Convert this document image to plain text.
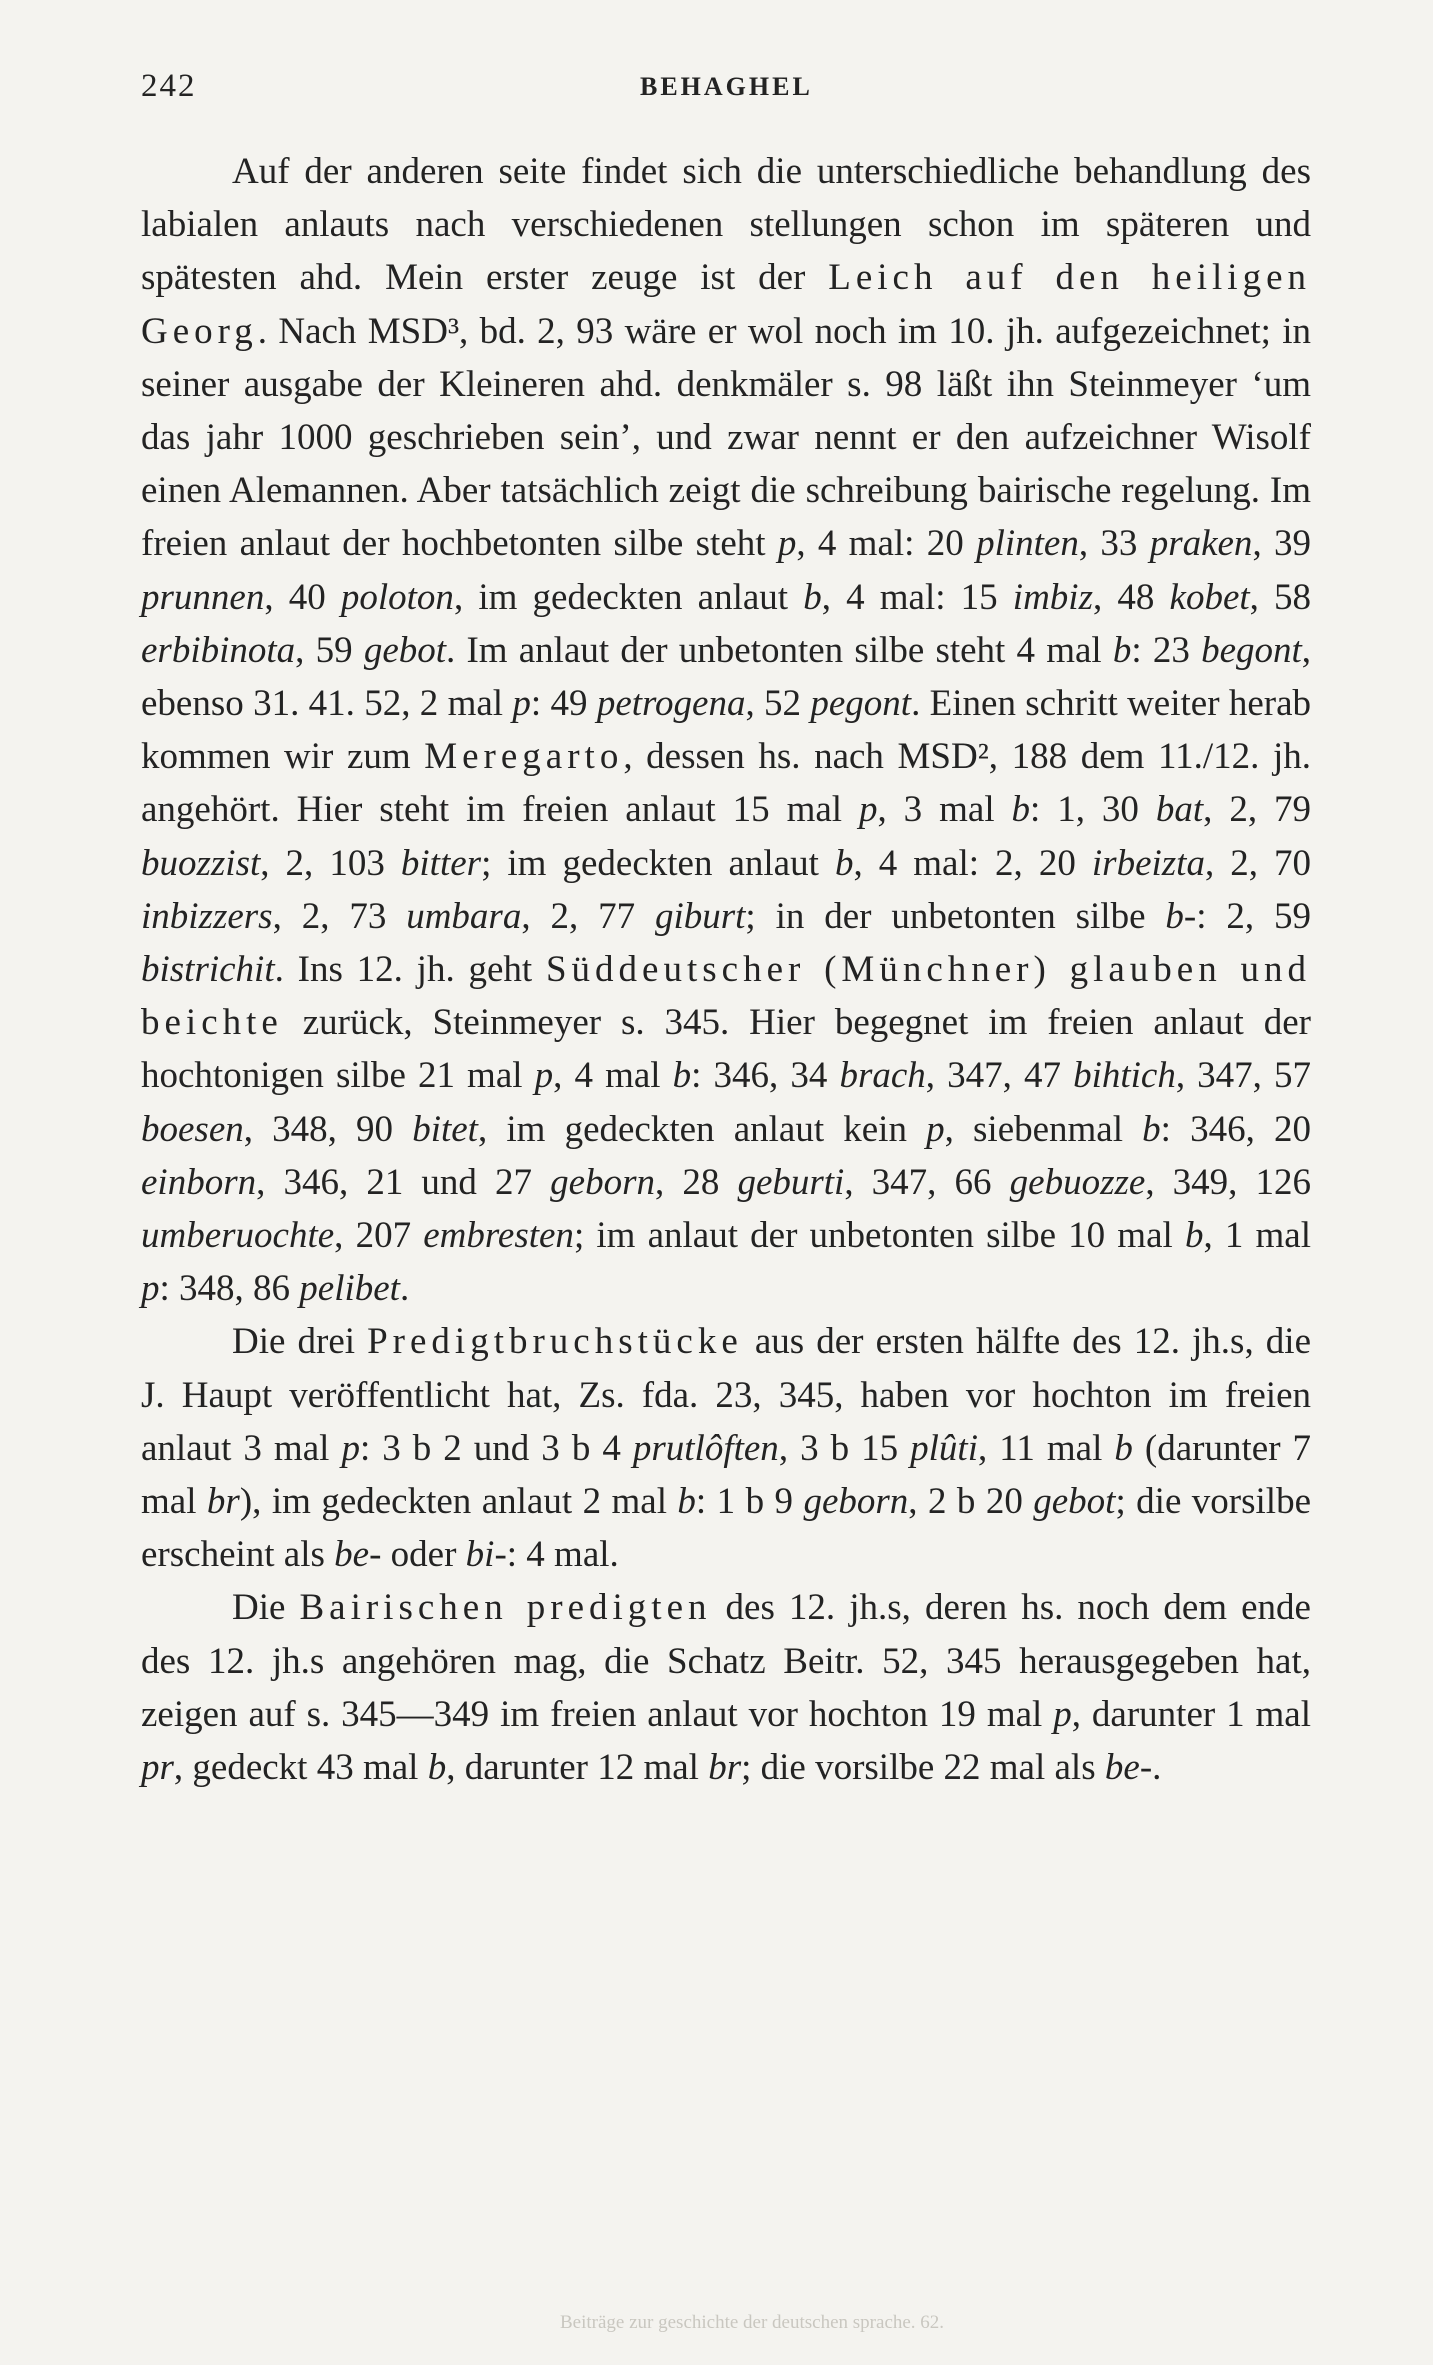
242	BEHAGHEL

Auf der anderen seite findet sich die unterschiedliche behandlung des labialen anlauts nach verschiedenen stellungen schon im späteren und spätesten ahd. Mein erster zeuge ist der Leich auf den heiligen Georg. Nach MSD³, bd. 2, 93 wäre er wol noch im 10. jh. aufgezeichnet; in seiner ausgabe der Kleineren ahd. denkmäler s. 98 läßt ihn Steinmeyer ‘um das jahr 1000 geschrieben sein’, und zwar nennt er den aufzeichner Wisolf einen Alemannen. Aber tatsächlich zeigt die schreibung bairische regelung. Im freien anlaut der hochbetonten silbe steht p, 4 mal: 20 plinten, 33 praken, 39 prunnen, 40 poloton, im gedeckten anlaut b, 4 mal: 15 imbiz, 48 kobet, 58 erbibinota, 59 gebot. Im anlaut der unbetonten silbe steht 4 mal b: 23 begont, ebenso 31. 41. 52, 2 mal p: 49 petrogena, 52 pegont. Einen schritt weiter herab kommen wir zum Meregarto, dessen hs. nach MSD², 188 dem 11./12. jh. angehört. Hier steht im freien anlaut 15 mal p, 3 mal b: 1, 30 bat, 2, 79 buozzist, 2, 103 bitter; im gedeckten anlaut b, 4 mal: 2, 20 irbeizta, 2, 70 inbizzers, 2, 73 umbara, 2, 77 giburt; in der unbetonten silbe b-: 2, 59 bistrichit. Ins 12. jh. geht Süddeutscher (Münchner) glauben und beichte zurück, Steinmeyer s. 345. Hier begegnet im freien anlaut der hochtonigen silbe 21 mal p, 4 mal b: 346, 34 brach, 347, 47 bihtich, 347, 57 boesen, 348, 90 bitet, im gedeckten anlaut kein p, siebenmal b: 346, 20 einborn, 346, 21 und 27 geborn, 28 geburti, 347, 66 gebuozze, 349, 126 umberuochte, 207 embresten; im anlaut der unbetonten silbe 10 mal b, 1 mal p: 348, 86 pelibet.

Die drei Predigtbruchstücke aus der ersten hälfte des 12. jh.s, die J. Haupt veröffentlicht hat, Zs. fda. 23, 345, haben vor hochton im freien anlaut 3 mal p: 3 b 2 und 3 b 4 prutlôften, 3 b 15 plûti, 11 mal b (darunter 7 mal br), im gedeckten anlaut 2 mal b: 1 b 9 geborn, 2 b 20 gebot; die vorsilbe erscheint als be- oder bi-: 4 mal.

Die Bairischen predigten des 12. jh.s, deren hs. noch dem ende des 12. jh.s angehören mag, die Schatz Beitr. 52, 345 herausgegeben hat, zeigen auf s. 345—349 im freien anlaut vor hochton 19 mal p, darunter 1 mal pr, gedeckt 43 mal b, darunter 12 mal br; die vorsilbe 22 mal als be-.

Beiträge zur geschichte der deutschen sprache. 62.
